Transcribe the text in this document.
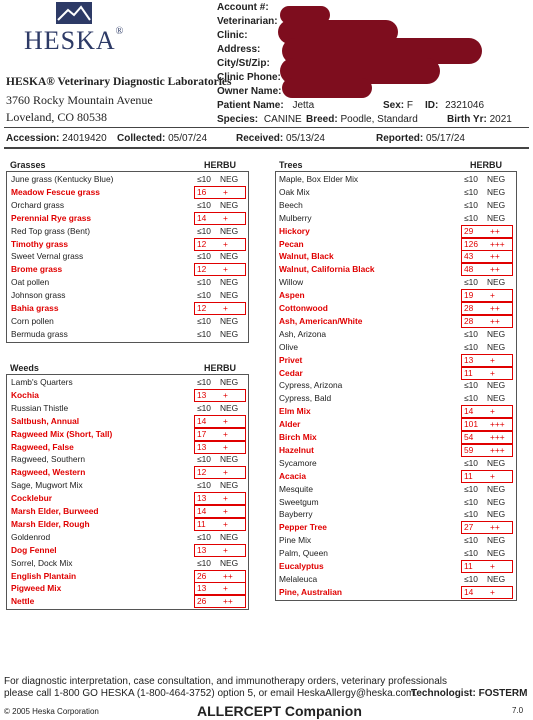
HESKA®
HESKA® Veterinary Diagnostic Laboratories
3760 Rocky Mountain Avenue
Loveland, CO 80538
Account #:
Veterinarian:
Clinic:
Address:
City/St/Zip:
Clinic Phone:
Owner Name:
Patient Name: Jetta	Sex: F ID: 2321046
Species: CANINE Breed: Poodle, Standard	Birth Yr: 2021
Accession: 24019420 Collected: 05/07/24	Received: 05/13/24	Reported: 05/17/24
Grasses	HERBU
June grass (Kentucky Blue)	≤10 NEG
Meadow Fescue grass	16 +
Orchard grass	≤10 NEG
Perennial Rye grass	14 +
Red Top grass (Bent)	≤10 NEG
Timothy grass	12 +
Sweet Vernal grass	≤10 NEG
Brome grass	12 +
Oat pollen	≤10 NEG
Johnson grass	≤10 NEG
Bahia grass	12 +
Corn pollen	≤10 NEG
Bermuda grass	≤10 NEG
Weeds	HERBU
Lamb's Quarters	≤10 NEG
Kochia	13 +
Russian Thistle	≤10 NEG
Saltbush, Annual	14 +
Ragweed Mix (Short, Tall)	17 +
Ragweed, False	13 +
Ragweed, Southern	≤10 NEG
Ragweed, Western	12 +
Sage, Mugwort Mix	≤10 NEG
Cocklebur	13 +
Marsh Elder, Burweed	14 +
Marsh Elder, Rough	11 +
Goldenrod	≤10 NEG
Dog Fennel	13 +
Sorrel, Dock Mix	≤10 NEG
English Plantain	26 ++
Pigweed Mix	13 +
Nettle	26 ++
Trees	HERBU
Maple, Box Elder Mix	≤10 NEG
Oak Mix	≤10 NEG
Beech	≤10 NEG
Mulberry	≤10 NEG
Hickory	29 ++
Pecan	126 +++
Walnut, Black	43 ++
Walnut, California Black	48 ++
Willow	≤10 NEG
Aspen	19 +
Cottonwood	28 ++
Ash, American/White	28 ++
Ash, Arizona	≤10 NEG
Olive	≤10 NEG
Privet	13 +
Cedar	11 +
Cypress, Arizona	≤10 NEG
Cypress, Bald	≤10 NEG
Elm Mix	14 +
Alder	101 +++
Birch Mix	54 +++
Hazelnut	59 +++
Sycamore	≤10 NEG
Acacia	11 +
Mesquite	≤10 NEG
Sweetgum	≤10 NEG
Bayberry	≤10 NEG
Pepper Tree	27 ++
Pine Mix	≤10 NEG
Palm, Queen	≤10 NEG
Eucalyptus	11 +
Melaleuca	≤10 NEG
Pine, Australian	14 +
For diagnostic interpretation, case consultation, and immunotherapy orders, veterinary professionals
please call 1-800 GO HESKA (1-800-464-3752) option 5, or email HeskaAllergy@heska.com.
Technologist: FOSTERM
© 2005 Heska Corporation	ALLERCEPT Companion	7.0
